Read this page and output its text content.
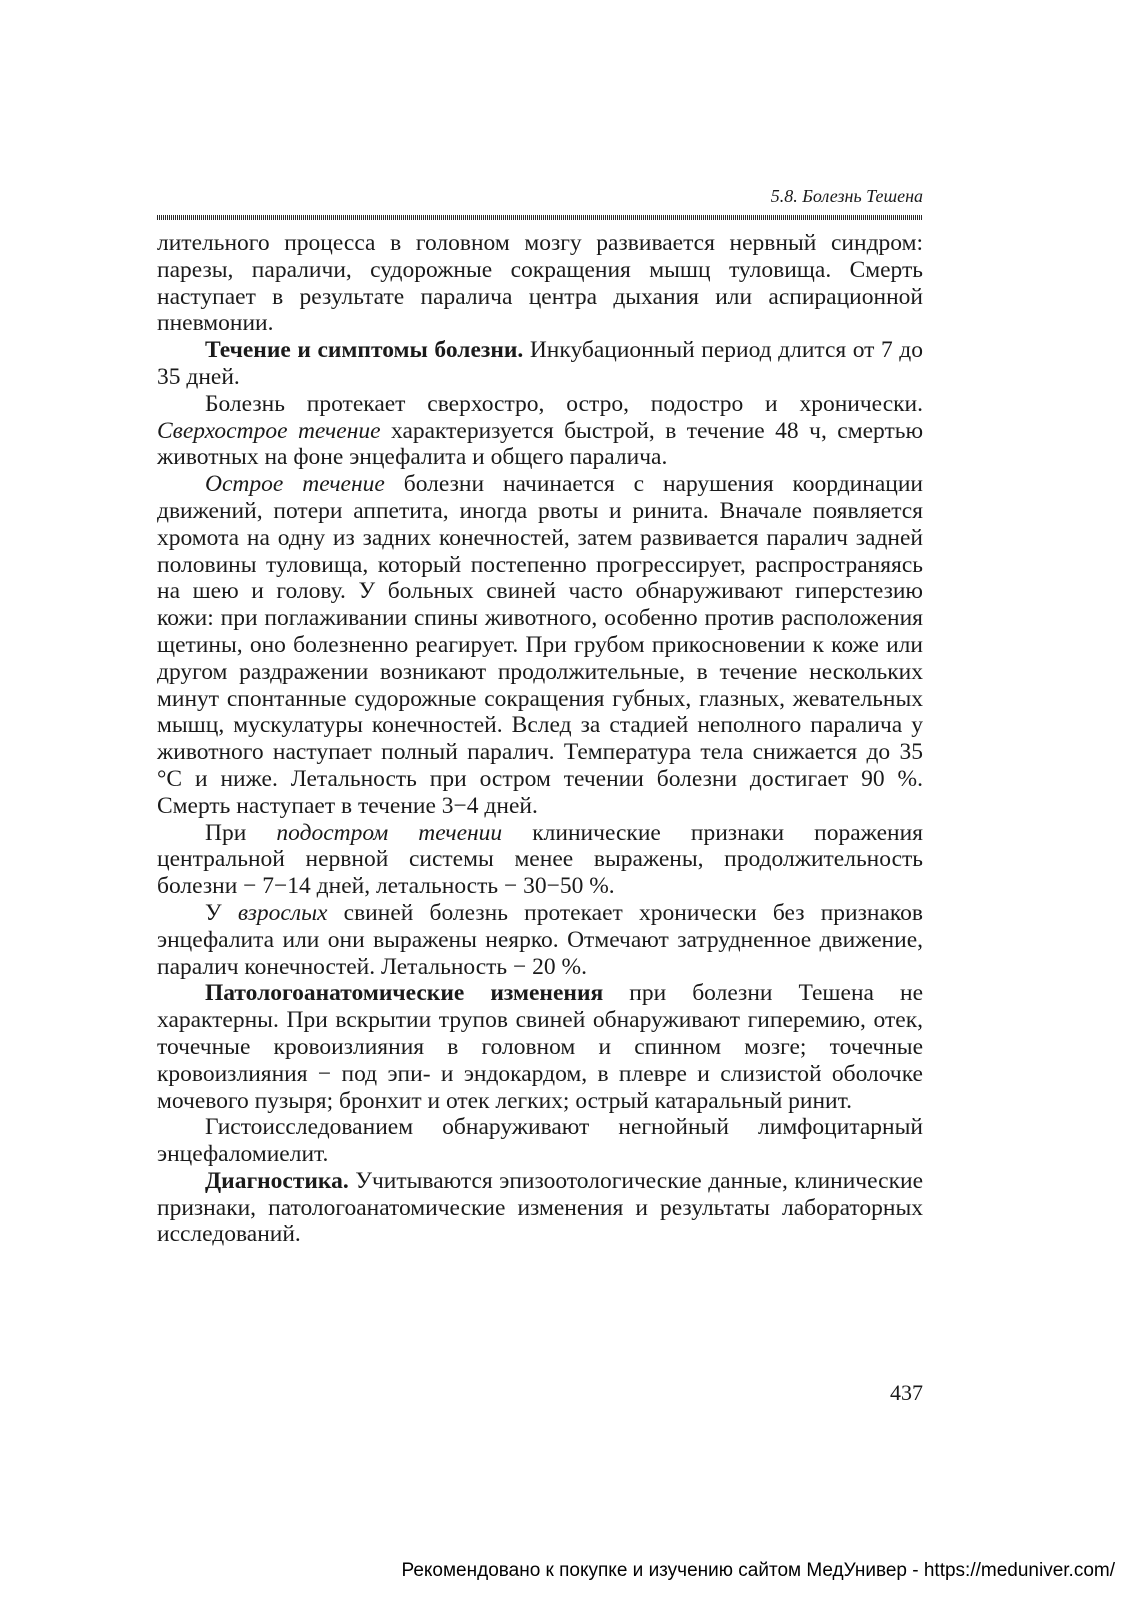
5.8. Болезнь Тешена

лительного процесса в головном мозгу развивается нервный синдром: парезы, параличи, судорожные сокращения мышц туловища. Смерть наступает в результате паралича центра дыхания или аспирационной пневмонии.

Течение и симптомы болезни. Инкубационный период длится от 7 до 35 дней.

Болезнь протекает сверхостро, остро, подостро и хронически. Сверхострое течение характеризуется быстрой, в течение 48 ч, смертью животных на фоне энцефалита и общего паралича.

Острое течение болезни начинается с нарушения координации движений, потери аппетита, иногда рвоты и ринита. Вначале появляется хромота на одну из задних конечностей, затем развивается паралич задней половины туловища, который постепенно прогрессирует, распространяясь на шею и голову. У больных свиней часто обнаруживают гиперстезию кожи: при поглаживании спины животного, особенно против расположения щетины, оно болезненно реагирует. При грубом прикосновении к коже или другом раздражении возникают продолжительные, в течение нескольких минут спонтанные судорожные сокращения губных, глазных, жевательных мышц, мускулатуры конечностей. Вслед за стадией неполного паралича у животного наступает полный паралич. Температура тела снижается до 35 °С и ниже. Летальность при остром течении болезни достигает 90 %. Смерть наступает в течение 3−4 дней.

При подостром течении клинические признаки поражения центральной нервной системы менее выражены, продолжительность болезни − 7−14 дней, летальность − 30−50 %.

У взрослых свиней болезнь протекает хронически без признаков энцефалита или они выражены неярко. Отмечают затрудненное движение, паралич конечностей. Летальность − 20 %.

Патологоанатомические изменения при болезни Тешена не характерны. При вскрытии трупов свиней обнаруживают гиперемию, отек, точечные кровоизлияния в головном и спинном мозге; точечные кровоизлияния − под эпи- и эндокардом, в плевре и слизистой оболочке мочевого пузыря; бронхит и отек легких; острый катаральный ринит.

Гистоисследованием обнаруживают негнойный лимфоцитарный энцефаломиелит.

Диагностика. Учитываются эпизоотологические данные, клинические признаки, патологоанатомические изменения и результаты лабораторных исследований.

437
Рекомендовано к покупке и изучению сайтом МедУнивер - https://meduniver.com/
